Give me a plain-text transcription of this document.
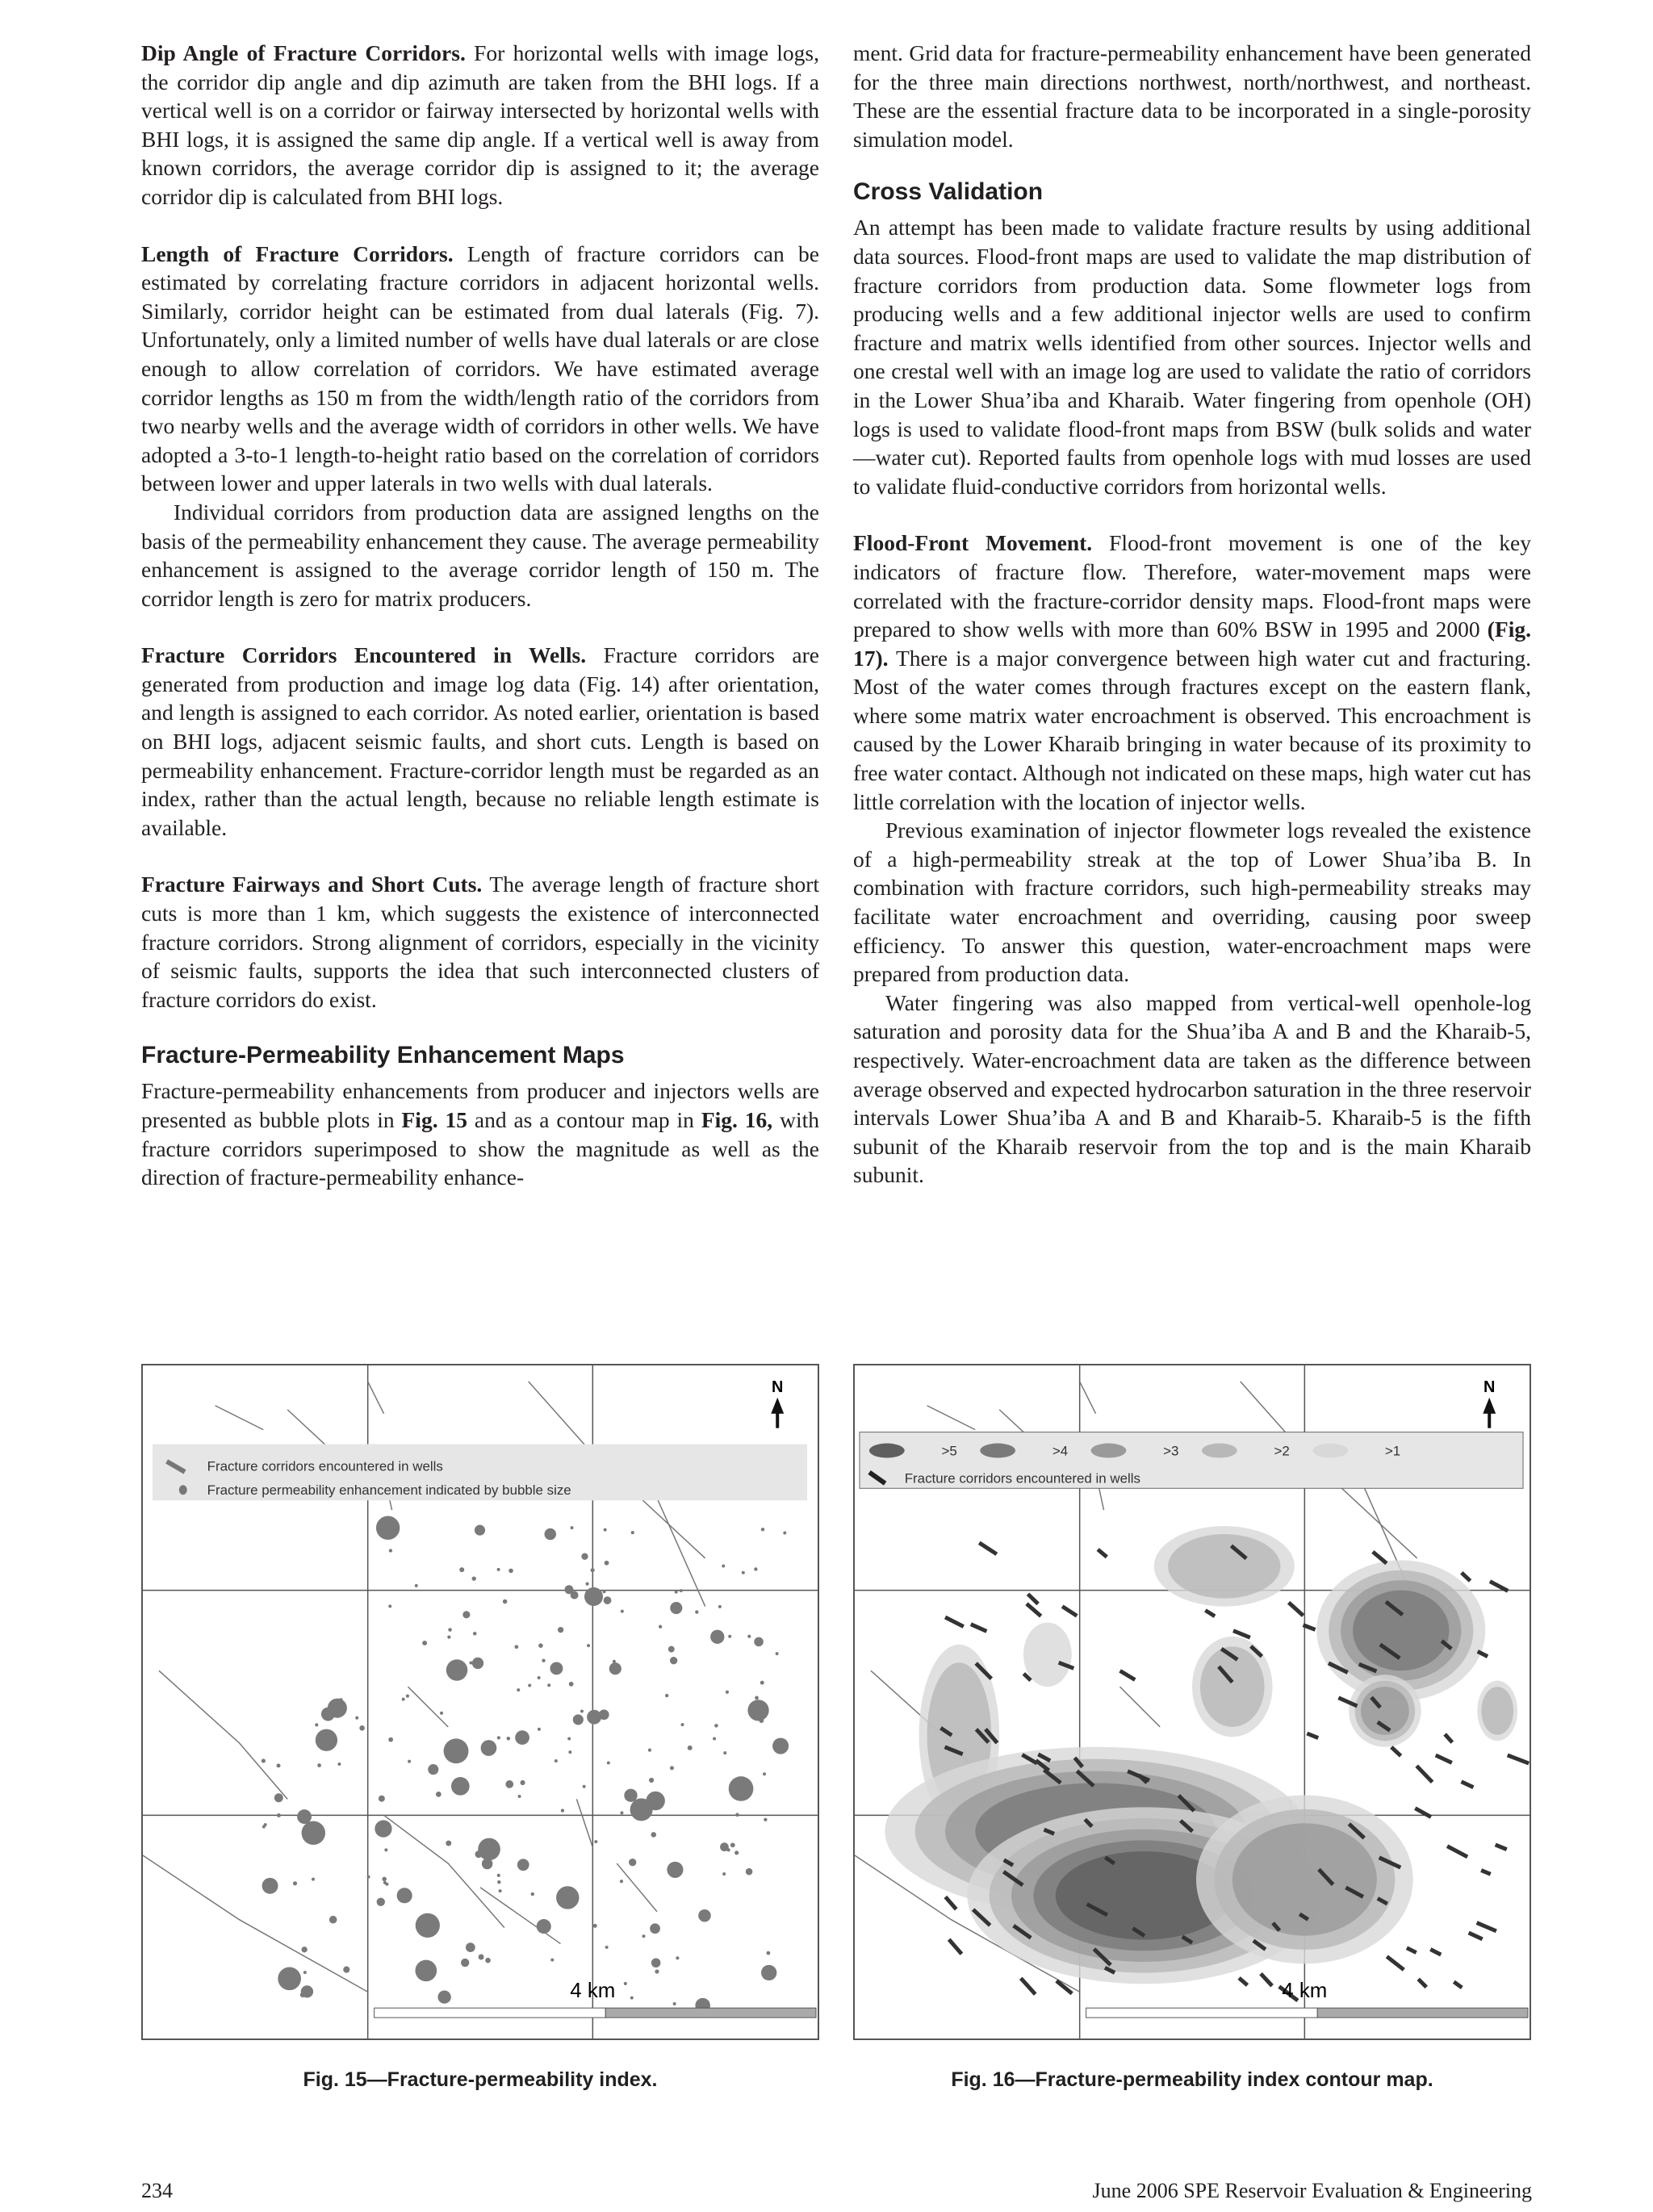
Dip Angle of Fracture Corridors. For horizontal wells with image logs, the corridor dip angle and dip azimuth are taken from the BHI logs. If a vertical well is on a corridor or fairway intersected by horizontal wells with BHI logs, it is assigned the same dip angle. If a vertical well is away from known corridors, the average corridor dip is assigned to it; the average corridor dip is calculated from BHI logs.

Length of Fracture Corridors. Length of fracture corridors can be estimated by correlating fracture corridors in adjacent horizontal wells. Similarly, corridor height can be estimated from dual laterals (Fig. 7). Unfortunately, only a limited number of wells have dual laterals or are close enough to allow correlation of corridors. We have estimated average corridor lengths as 150 m from the width/length ratio of the corridors from two nearby wells and the average width of corridors in other wells. We have adopted a 3-to-1 length-to-height ratio based on the correlation of corridors between lower and upper laterals in two wells with dual laterals.

Individual corridors from production data are assigned lengths on the basis of the permeability enhancement they cause. The average permeability enhancement is assigned to the average corridor length of 150 m. The corridor length is zero for matrix producers.

Fracture Corridors Encountered in Wells. Fracture corridors are generated from production and image log data (Fig. 14) after orientation, and length is assigned to each corridor. As noted earlier, orientation is based on BHI logs, adjacent seismic faults, and short cuts. Length is based on permeability enhancement. Fracture-corridor length must be regarded as an index, rather than the actual length, because no reliable length estimate is available.

Fracture Fairways and Short Cuts. The average length of fracture short cuts is more than 1 km, which suggests the existence of interconnected fracture corridors. Strong alignment of corridors, especially in the vicinity of seismic faults, supports the idea that such interconnected clusters of fracture corridors do exist.

Fracture-Permeability Enhancement Maps

Fracture-permeability enhancements from producer and injectors wells are presented as bubble plots in Fig. 15 and as a contour map in Fig. 16, with fracture corridors superimposed to show the magnitude as well as the direction of fracture-permeability enhance-

ment. Grid data for fracture-permeability enhancement have been generated for the three main directions northwest, north/northwest, and northeast. These are the essential fracture data to be incorporated in a single-porosity simulation model.

Cross Validation

An attempt has been made to validate fracture results by using additional data sources. Flood-front maps are used to validate the map distribution of fracture corridors from production data. Some flowmeter logs from producing wells and a few additional injector wells are used to confirm fracture and matrix wells identified from other sources. Injector wells and one crestal well with an image log are used to validate the ratio of corridors in the Lower Shua’iba and Kharaib. Water fingering from openhole (OH) logs is used to validate flood-front maps from BSW (bulk solids and water—water cut). Reported faults from openhole logs with mud losses are used to validate fluid-conductive corridors from horizontal wells.

Flood-Front Movement. Flood-front movement is one of the key indicators of fracture flow. Therefore, water-movement maps were correlated with the fracture-corridor density maps. Flood-front maps were prepared to show wells with more than 60% BSW in 1995 and 2000 (Fig. 17). There is a major convergence between high water cut and fracturing. Most of the water comes through fractures except on the eastern flank, where some matrix water encroachment is observed. This encroachment is caused by the Lower Kharaib bringing in water because of its proximity to free water contact. Although not indicated on these maps, high water cut has little correlation with the location of injector wells.

Previous examination of injector flowmeter logs revealed the existence of a high-permeability streak at the top of Lower Shua’iba B. In combination with fracture corridors, such high-permeability streaks may facilitate water encroachment and overriding, causing poor sweep efficiency. To answer this question, water-encroachment maps were prepared from production data.

Water fingering was also mapped from vertical-well openhole-log saturation and porosity data for the Shua’iba A and B and the Kharaib-5, respectively. Water-encroachment data are taken as the difference between average observed and expected hydrocarbon saturation in the three reservoir intervals Lower Shua’iba A and B and Kharaib-5. Kharaib-5 is the fifth subunit of the Kharaib reservoir from the top and is the main Kharaib subunit.

Fracture corridors encountered in wells
Fracture permeability enhancement indicated by bubble size
N
4 km
>5	>4	>3	>2	>1
Fracture corridors encountered in wells
N
4 km
Fig. 15—Fracture-permeability index.	Fig. 16—Fracture-permeability index contour map.
234	June 2006 SPE Reservoir Evaluation & Engineering
